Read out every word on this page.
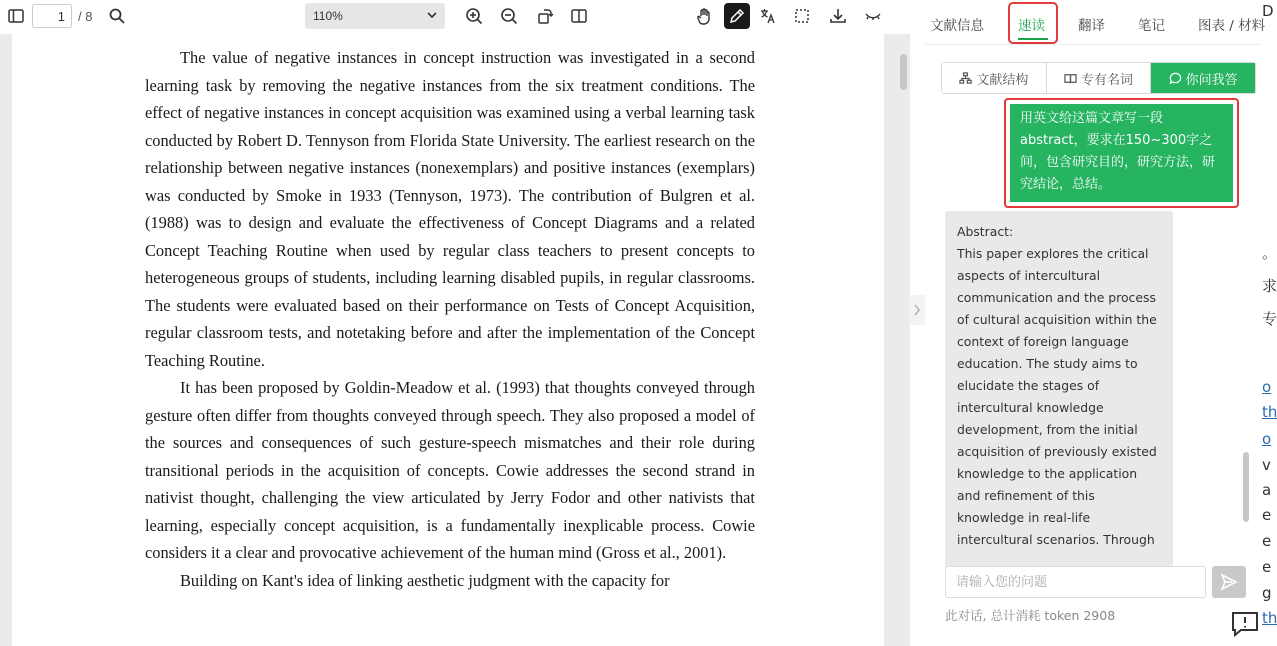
1
/ 8	110%

The value of negative instances in concept instruction was investigated in a second learning task by removing the negative instances from the six treatment conditions. The effect of negative instances in concept acquisition was examined using a verbal learning task conducted by Robert D. Tennyson from Florida State University. The earliest research on the relationship between negative instances (nonexemplars) and positive instances (exemplars) was conducted by Smoke in 1933 (Tennyson, 1973). The contribution of Bulgren et al. (1988) was to design and evaluate the effectiveness of Concept Diagrams and a related Concept Teaching Routine when used by regular class teachers to present concepts to heterogeneous groups of students, including learning disabled pupils, in regular classrooms. The students were evaluated based on their performance on Tests of Concept Acquisition, regular classroom tests, and notetaking before and after the implementation of the Concept Teaching Routine.

It has been proposed by Goldin-Meadow et al. (1993) that thoughts conveyed through gesture often differ from thoughts conveyed through speech. They also proposed a model of the sources and consequences of such gesture-speech mismatches and their role during transitional periods in the acquisition of concepts. Cowie addresses the second strand in nativist thought, challenging the view articulated by Jerry Fodor and other nativists that learning, especially concept acquisition, is a fundamentally inexplicable process. Cowie considers it a clear and provocative achievement of the human mind (Gross et al., 2001).

Building on Kant's idea of linking aesthetic judgment with the capacity for

文献信息	速读 翻译 笔记 图表 / 材料
文献结构	专有名词	你问我答
用英文给这篇文章写一段abstract，要求在150~300字之间，包含研究目的，研究方法，研究结论，总结。
Abstract:
This paper explores the critical aspects of intercultural communication and the process of cultural acquisition within the context of foreign language education. The study aims to elucidate the stages of intercultural knowledge development, from the initial acquisition of previously existed knowledge to the application and refinement of this knowledge in real-life intercultural scenarios. Through
请输入您的问题
此对话, 总计消耗 token 2908
D
。
求
专
o
th
o
v
a
e
e
e
g
th
